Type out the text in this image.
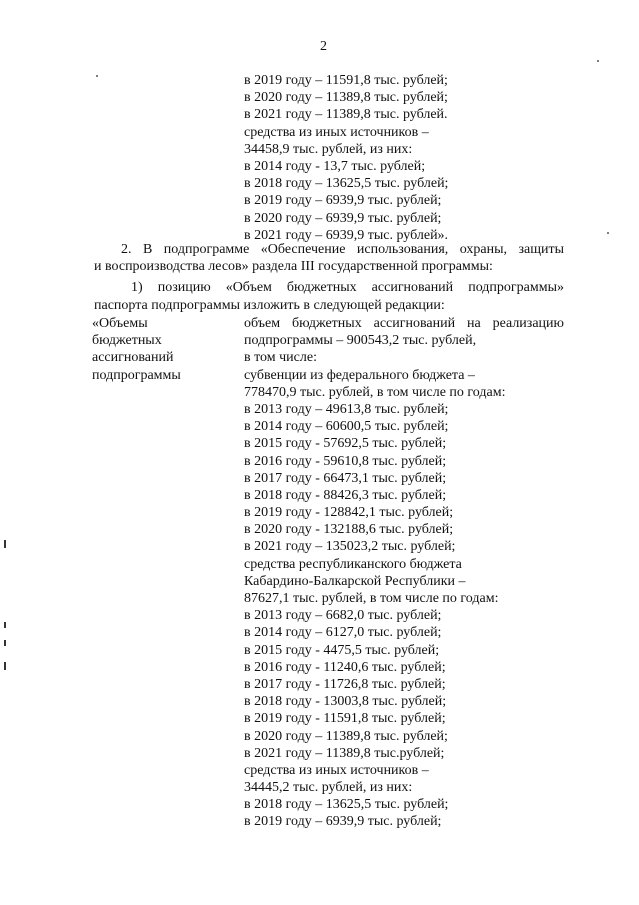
2
в 2019 году – 11591,8 тыс. рублей;
в 2020 году – 11389,8 тыс. рублей;
в 2021 году – 11389,8 тыс. рублей.
средства из иных источников –
34458,9 тыс. рублей, из них:
в 2014 году - 13,7 тыс. рублей;
в 2018 году – 13625,5 тыс. рублей;
в 2019 году – 6939,9 тыс. рублей;
в 2020 году – 6939,9 тыс. рублей;
в 2021 году – 6939,9 тыс. рублей».
2. В подпрограмме «Обеспечение использования, охраны, защиты
и воспроизводства лесов» раздела III государственной программы:
1) позицию «Объем бюджетных ассигнований подпрограммы»
паспорта подпрограммы изложить в следующей редакции:
«Объемы
бюджетных
ассигнований
подпрограммы
объем бюджетных ассигнований на реализацию
подпрограммы – 900543,2 тыс. рублей,
в том числе:
субвенции из федерального бюджета –
778470,9 тыс. рублей, в том числе по годам:
в 2013 году – 49613,8 тыс. рублей;
в 2014 году – 60600,5 тыс. рублей;
в 2015 году - 57692,5 тыс. рублей;
в 2016 году - 59610,8 тыс. рублей;
в 2017 году - 66473,1 тыс. рублей;
в 2018 году - 88426,3 тыс. рублей;
в 2019 году - 128842,1 тыс. рублей;
в 2020 году - 132188,6 тыс. рублей;
в 2021 году – 135023,2 тыс. рублей;
средства республиканского бюджета
Кабардино-Балкарской Республики –
87627,1 тыс. рублей, в том числе по годам:
в 2013 году – 6682,0 тыс. рублей;
в 2014 году – 6127,0 тыс. рублей;
в 2015 году - 4475,5 тыс. рублей;
в 2016 году - 11240,6 тыс. рублей;
в 2017 году - 11726,8 тыс. рублей;
в 2018 году - 13003,8 тыс. рублей;
в 2019 году - 11591,8 тыс. рублей;
в 2020 году – 11389,8 тыс. рублей;
в 2021 году – 11389,8 тыс.рублей;
средства из иных источников –
34445,2 тыс. рублей, из них:
в 2018 году – 13625,5 тыс. рублей;
в 2019 году – 6939,9 тыс. рублей;
